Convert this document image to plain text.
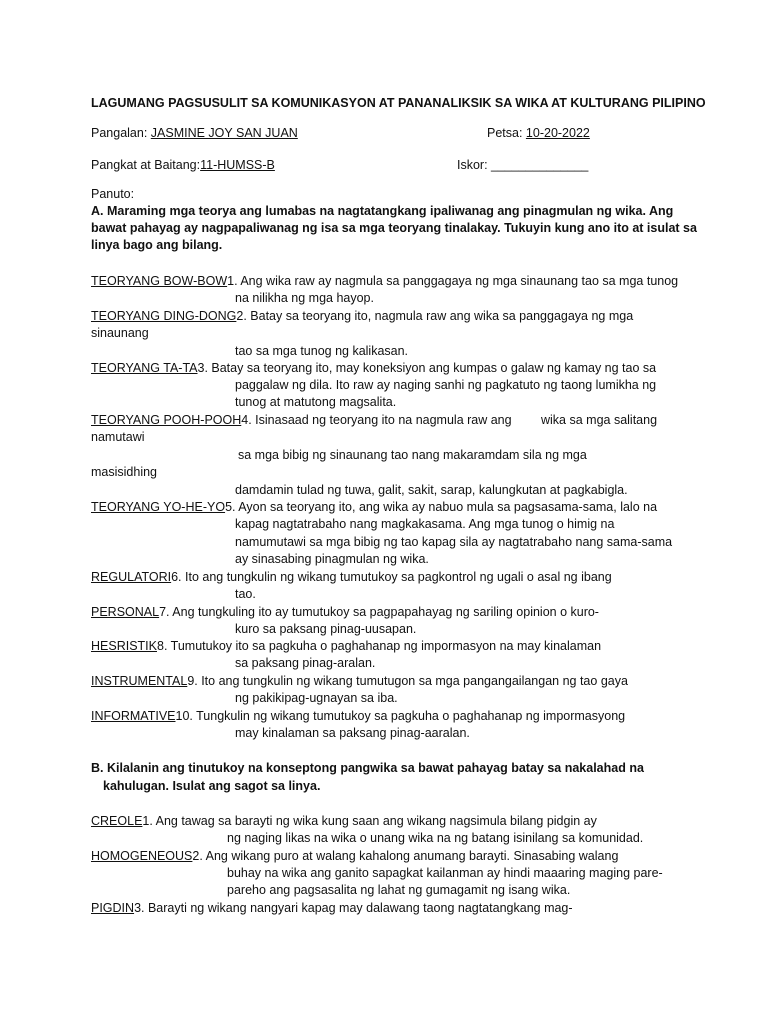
LAGUMANG PAGSUSULIT SA KOMUNIKASYON AT PANANALIKSIK SA WIKA AT KULTURANG PILIPINO
Pangalan: JASMINE JOY SAN JUAN	Petsa: 10-20-2022
Pangkat at Baitang:11-HUMSS-B	Iskor: ______________
Panuto:
A. Maraming mga teorya ang lumabas na nagtatangkang ipaliwanag ang pinagmulan ng wika. Ang
bawat pahayag ay nagpapaliwanag ng isa sa mga teoryang tinalakay. Tukuyin kung ano ito at isulat sa
linya bago ang bilang.
TEORYANG BOW-BOW1. Ang wika raw ay nagmula sa panggagaya ng mga sinaunang tao sa mga tunog
na nilikha ng mga hayop.
TEORYANG DING-DONG2. Batay sa teoryang ito, nagmula raw ang wika sa panggagaya ng mga
sinaunang
tao sa mga tunog ng kalikasan.
TEORYANG TA-TA3. Batay sa teoryang ito, may koneksiyon ang kumpas o galaw ng kamay ng tao sa
paggalaw ng dila. Ito raw ay naging sanhi ng pagkatuto ng taong lumikha ng
tunog at matutong magsalita.
TEORYANG POOH-POOH4. Isinasaad ng teoryang ito na nagmula raw ang wika sa mga salitang
namutawi
sa mga bibig ng sinaunang tao nang makaramdam sila ng mga
masisidhing
damdamin tulad ng tuwa, galit, sakit, sarap, kalungkutan at pagkabigla.
TEORYANG YO-HE-YO5. Ayon sa teoryang ito, ang wika ay nabuo mula sa pagsasama-sama, lalo na
kapag nagtatrabaho nang magkakasama. Ang mga tunog o himig na
namumutawi sa mga bibig ng tao kapag sila ay nagtatrabaho nang sama-sama
ay sinasabing pinagmulan ng wika.
REGULATORI6. Ito ang tungkulin ng wikang tumutukoy sa pagkontrol ng ugali o asal ng ibang
tao.
PERSONAL7. Ang tungkuling ito ay tumutukoy sa pagpapahayag ng sariling opinion o kuro-
kuro sa paksang pinag-uusapan.
HESRISTIK8. Tumutukoy ito sa pagkuha o paghahanap ng impormasyon na may kinalaman
sa paksang pinag-aralan.
INSTRUMENTAL9. Ito ang tungkulin ng wikang tumutugon sa mga pangangailangan ng tao gaya
ng pakikipag-ugnayan sa iba.
INFORMATIVE10. Tungkulin ng wikang tumutukoy sa pagkuha o paghahanap ng impormasyong
may kinalaman sa paksang pinag-aaralan.
B. Kilalanin ang tinutukoy na konseptong pangwika sa bawat pahayag batay sa nakalahad na
kahulugan. Isulat ang sagot sa linya.
CREOLE1. Ang tawag sa barayti ng wika kung saan ang wikang nagsimula bilang pidgin ay
ng naging likas na wika o unang wika na ng batang isinilang sa komunidad.
HOMOGENEOUS2. Ang wikang puro at walang kahalong anumang barayti. Sinasabing walang
buhay na wika ang ganito sapagkat kailanman ay hindi maaaring maging pare-
pareho ang pagsasalita ng lahat ng gumagamit ng isang wika.
PIGDIN3. Barayti ng wikang nangyari kapag may dalawang taong nagtatangkang mag-
